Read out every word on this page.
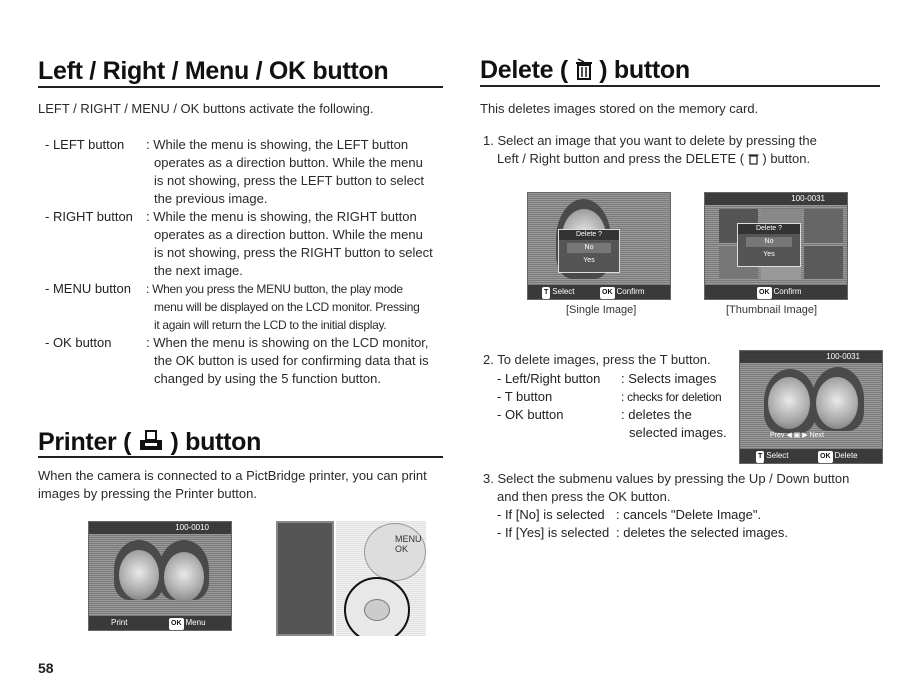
Left / Right / Menu / OK button
LEFT / RIGHT / MENU / OK buttons activate the following.
- LEFT button : While the menu is showing, the LEFT button
operates as a direction button. While the menu
is not showing, press the LEFT button to select
the previous image.
- RIGHT button : While the menu is showing, the RIGHT button
operates as a direction button. While the menu
is not showing, press the RIGHT button to select
the next image.
- MENU button : When you press the MENU button, the play mode
menu will be displayed on the LCD monitor. Pressing
it again will return the LCD to the initial display.
- OK button	: When the menu is showing on the LCD monitor,
the OK button is used for confirming data that is
changed by using the 5 function button.
Printer ( ) button
When the camera is connected to a PictBridge printer, you can print
images by pressing the Printer button.
100-0010
Print	OK Menu
MENU
OK
58
Delete ( ) button
This deletes images stored on the memory card.
1. Select an image that you want to delete by pressing the
Left / Right button and press the DELETE ( ) button.
Delete ?
No
Yes
T Select	OK Confirm
[Single Image]
100-0031
Delete ?
No
Yes
OK Confirm
[Thumbnail Image]
2. To delete images, press the T button.
- Left/Right button : Selects images
- T button	: checks for deletion
- OK button	: deletes the
selected images.
100-0031
Prev ◀ ▣ ▶ Next
T Select	OK Delete
3. Select the submenu values by pressing the Up / Down button
and then press the OK button.
- If [No] is selected : cancels "Delete Image".
- If [Yes] is selected : deletes the selected images.
